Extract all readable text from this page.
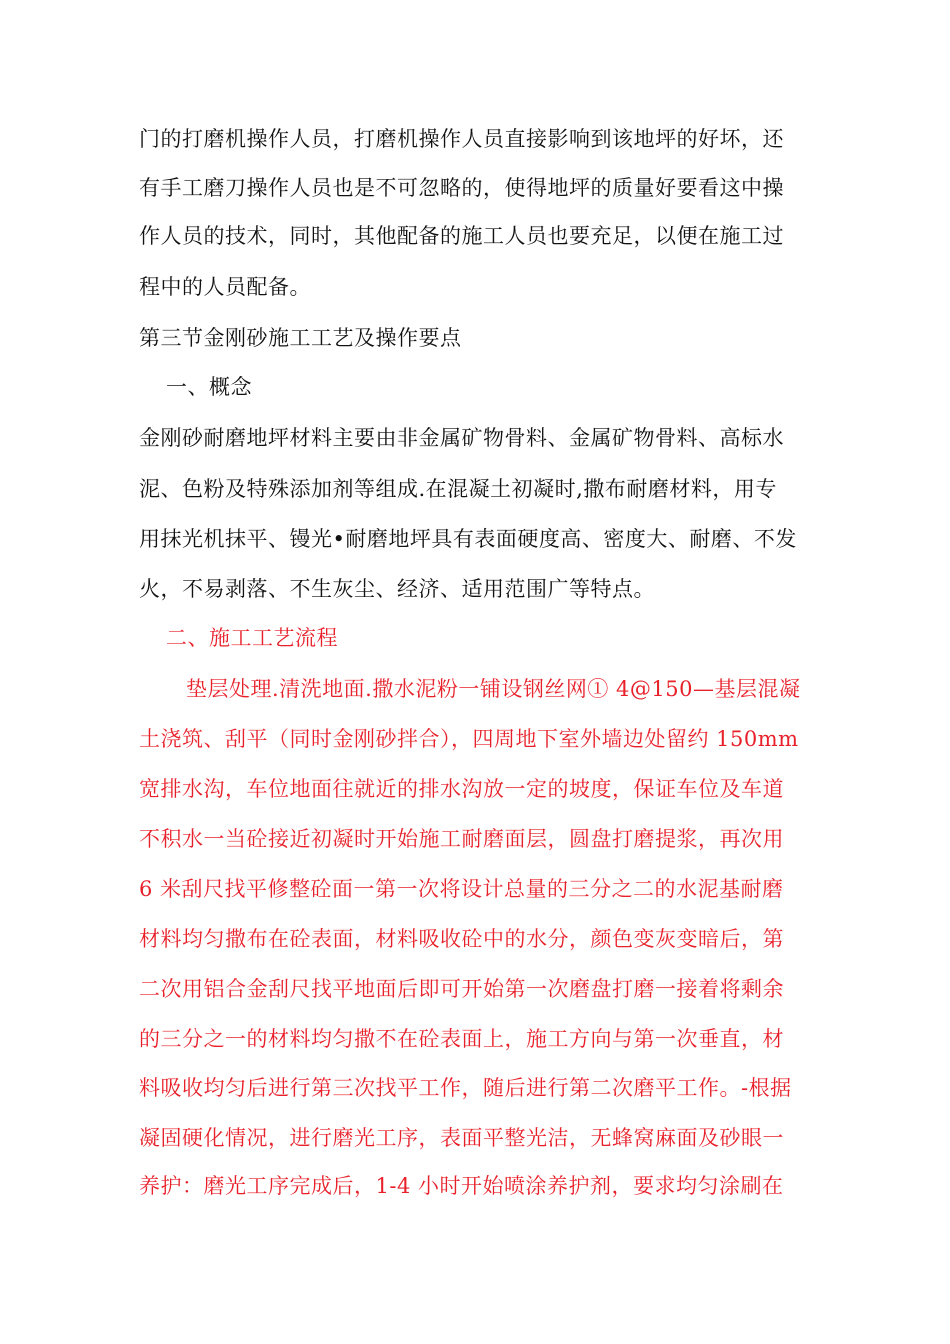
门的打磨机操作人员，打磨机操作人员直接影响到该地坪的好坏，还
有手工磨刀操作人员也是不可忽略的，使得地坪的质量好要看这中操
作人员的技术，同时，其他配备的施工人员也要充足，以便在施工过
程中的人员配备。
第三节金刚砂施工工艺及操作要点
一、概念
金刚砂耐磨地坪材料主要由非金属矿物骨料、金属矿物骨料、高标水
泥、色粉及特殊添加剂等组成.在混凝土初凝时,撒布耐磨材料，用专
用抹光机抹平、镘光•耐磨地坪具有表面硬度高、密度大、耐磨、不发
火，不易剥落、不生灰尘、经济、适用范围广等特点。
二、施工工艺流程
垫层处理.清洗地面.撒水泥粉一铺设钢丝网① 4@150—基层混凝
土浇筑、刮平（同时金刚砂拌合），四周地下室外墙边处留约 150mm
宽排水沟，车位地面往就近的排水沟放一定的坡度，保证车位及车道
不积水一当砼接近初凝时开始施工耐磨面层，圆盘打磨提浆，再次用
6 米刮尺找平修整砼面一第一次将设计总量的三分之二的水泥基耐磨
材料均匀撒布在砼表面，材料吸收砼中的水分，颜色变灰变暗后，第
二次用铝合金刮尺找平地面后即可开始第一次磨盘打磨一接着将剩余
的三分之一的材料均匀撒不在砼表面上，施工方向与第一次垂直，材
料吸收均匀后进行第三次找平工作，随后进行第二次磨平工作。-根据
凝固硬化情况，进行磨光工序，表面平整光洁，无蜂窝麻面及砂眼一
养护：磨光工序完成后，1-4 小时开始喷涂养护剂，要求均匀涂刷在
